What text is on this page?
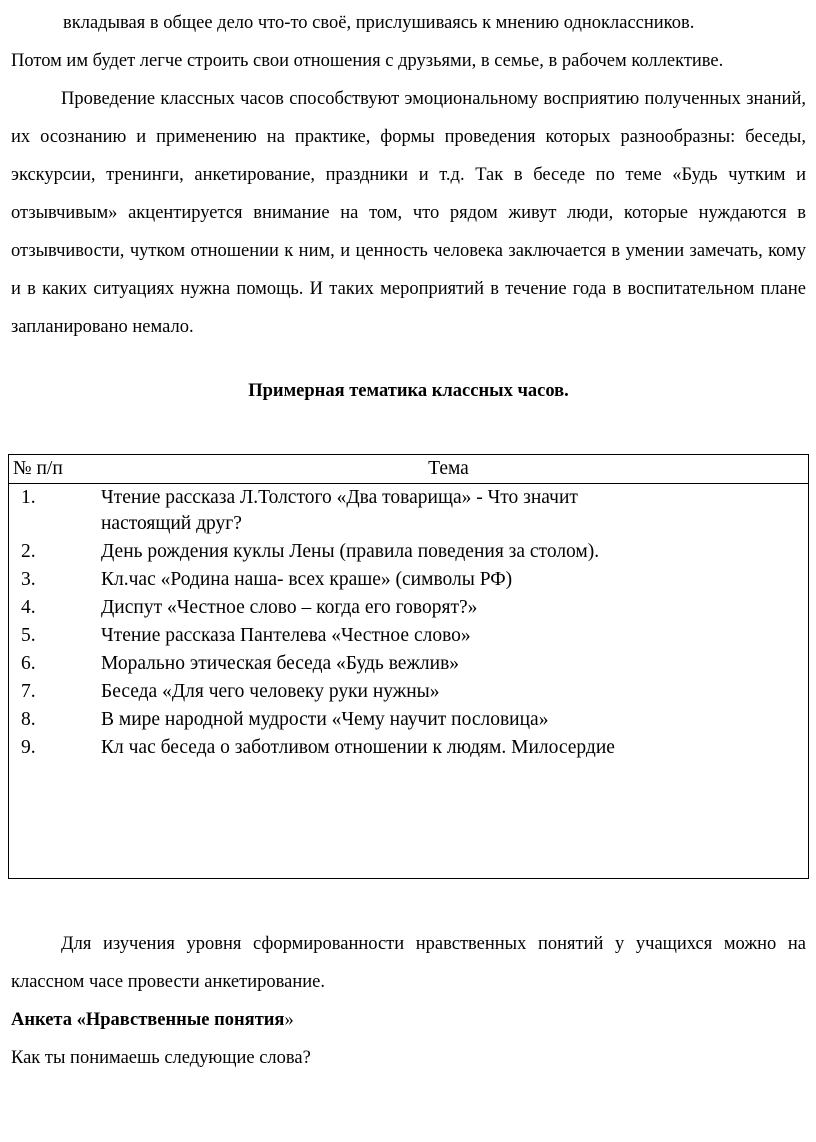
вкладывая в общее дело что-то своё, прислушиваясь к мнению одноклассников.

Потом им будет легче строить свои отношения с друзьями, в семье, в рабочем коллективе.

Проведение классных часов способствуют эмоциональному восприятию полученных знаний, их осознанию и применению на практике, формы проведения которых разнообразны: беседы, экскурсии, тренинги, анкетирование, праздники и т.д. Так в беседе по теме «Будь чутким и отзывчивым» акцентируется внимание на том, что рядом живут люди, которые нуждаются в отзывчивости, чутком отношении к ним, и ценность человека заключается в умении замечать, кому и в каких ситуациях нужна помощь. И таких мероприятий в течение года в воспитательном плане запланировано немало.

Примерная тематика классных часов.

№ п/п	Тема
1.	Чтение рассказа Л.Толстого «Два товарища» - Что значит настоящий друг?
2.	День рождения куклы Лены (правила поведения за столом).
3.	Кл.час «Родина наша- всех краше» (символы РФ)
4.	Диспут «Честное слово – когда его говорят?»
5.	Чтение рассказа Пантелева «Честное слово»
6.	Морально этическая беседа «Будь вежлив»
7.	Беседа «Для чего человеку руки нужны»
8.	В мире народной мудрости «Чему научит пословица»
9.	Кл час беседа о заботливом отношении к людям. Милосердие

Для изучения уровня сформированности нравственных понятий у учащихся можно на классном часе провести анкетирование.

Анкета «Нравственные понятия»

Как ты понимаешь следующие слова?
